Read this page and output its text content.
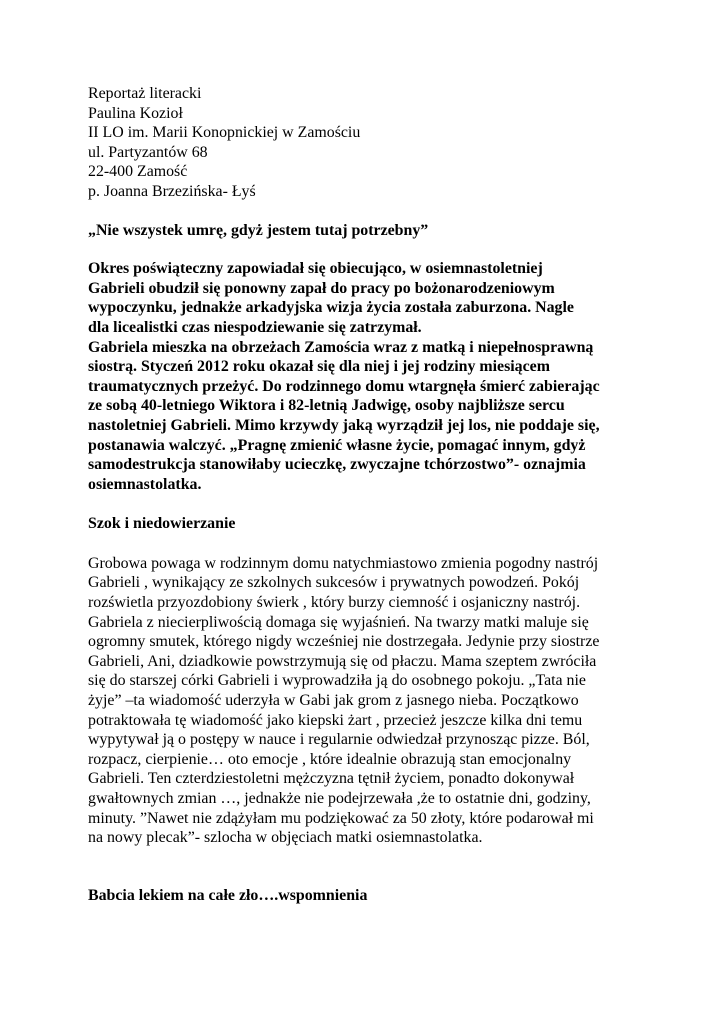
Reportaż literacki

Paulina Kozioł

II LO im. Marii Konopnickiej w Zamościu

ul. Partyzantów 68

22-400 Zamość

p. Joanna Brzezińska- Łyś

„Nie wszystek umrę, gdyż jestem tutaj potrzebny”

Okres poświąteczny zapowiadał się obiecująco, w osiemnastoletniej

Gabrieli obudził się ponowny zapał do pracy po bożonarodzeniowym

wypoczynku, jednakże arkadyjska wizja życia została zaburzona. Nagle

dla licealistki czas niespodziewanie się zatrzymał.

Gabriela mieszka na obrzeżach Zamościa wraz z matką i niepełnosprawną

siostrą. Styczeń 2012 roku okazał się dla niej i jej rodziny miesiącem

traumatycznych przeżyć. Do rodzinnego domu wtargnęła śmierć zabierając

ze sobą 40-letniego Wiktora i 82-letnią Jadwigę, osoby najbliższe sercu

nastoletniej Gabrieli. Mimo krzywdy jaką wyrządził jej los, nie poddaje się,

postanawia walczyć. „Pragnę zmienić własne życie, pomagać innym, gdyż

samodestrukcja stanowiłaby ucieczkę, zwyczajne tchórzostwo”- oznajmia

osiemnastolatka.

Szok i niedowierzanie

Grobowa powaga w rodzinnym domu natychmiastowo zmienia pogodny nastrój

Gabrieli , wynikający ze szkolnych sukcesów i prywatnych powodzeń. Pokój

rozświetla przyozdobiony świerk , który burzy ciemność i osjaniczny nastrój.

Gabriela z niecierpliwością domaga się wyjaśnień. Na twarzy matki maluje się

ogromny smutek, którego nigdy wcześniej nie dostrzegała. Jedynie przy siostrze

Gabrieli, Ani, dziadkowie powstrzymują się od płaczu. Mama szeptem zwróciła

się do starszej córki Gabrieli i wyprowadziła ją do osobnego pokoju. „Tata nie

żyje” –ta wiadomość uderzyła w Gabi jak grom z jasnego nieba. Początkowo

potraktowała tę wiadomość jako kiepski żart , przecież jeszcze kilka dni temu

wypytywał ją o postępy w nauce i regularnie odwiedzał przynosząc pizze. Ból,

rozpacz, cierpienie… oto emocje , które idealnie obrazują stan emocjonalny

Gabrieli. Ten czterdziestoletni mężczyzna tętnił życiem, ponadto dokonywał

gwałtownych zmian …, jednakże nie podejrzewała ,że to ostatnie dni, godziny,

minuty. ”Nawet nie zdążyłam mu podziękować za 50 złoty, które podarował mi

na nowy plecak”- szlocha w objęciach matki osiemnastolatka.

Babcia lekiem na całe zło….wspomnienia
